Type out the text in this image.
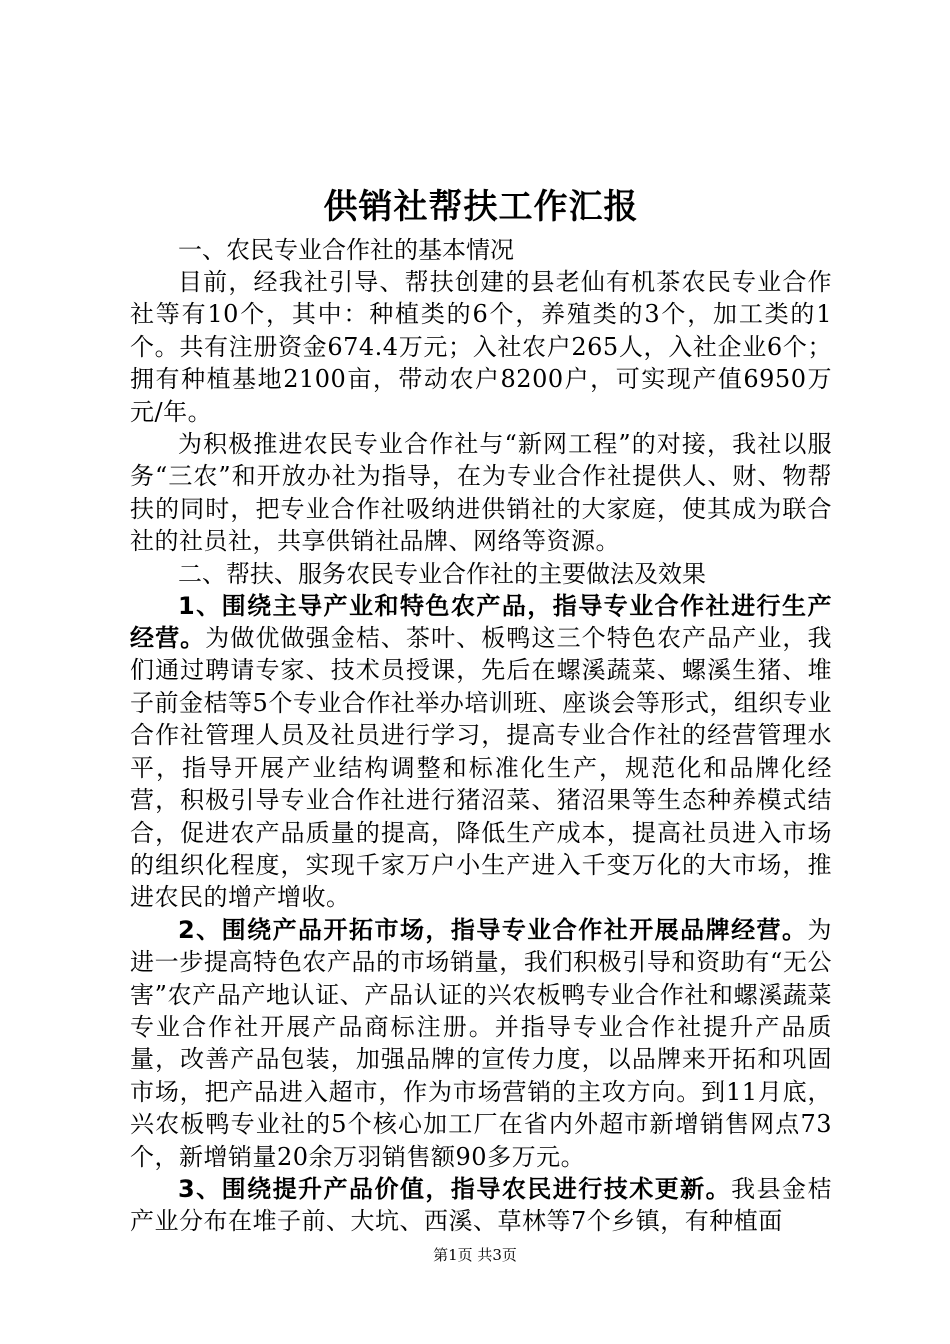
供销社帮扶工作汇报
一、农民专业合作社的基本情况

目前，经我社引导、帮扶创建的县老仙有机茶农民专业合作社等有10个，其中：种植类的6个，养殖类的3个，加工类的1个。共有注册资金674.4万元；入社农户265人，入社企业6个；拥有种植基地2100亩，带动农户8200户，可实现产值6950万元/年。

为积极推进农民专业合作社与“新网工程”的对接，我社以服务“三农”和开放办社为指导，在为专业合作社提供人、财、物帮扶的同时，把专业合作社吸纳进供销社的大家庭，使其成为联合社的社员社，共享供销社品牌、网络等资源。

二、帮扶、服务农民专业合作社的主要做法及效果

1、围绕主导产业和特色农产品，指导专业合作社进行生产经营。为做优做强金桔、茶叶、板鸭这三个特色农产品产业，我们通过聘请专家、技术员授课，先后在螺溪蔬菜、螺溪生猪、堆子前金桔等5个专业合作社举办培训班、座谈会等形式，组织专业合作社管理人员及社员进行学习，提高专业合作社的经营管理水平，指导开展产业结构调整和标准化生产，规范化和品牌化经营，积极引导专业合作社进行猪沼菜、猪沼果等生态种养模式结合，促进农产品质量的提高，降低生产成本，提高社员进入市场的组织化程度，实现千家万户小生产进入千变万化的大市场，推进农民的增产增收。

2、围绕产品开拓市场，指导专业合作社开展品牌经营。为进一步提高特色农产品的市场销量，我们积极引导和资助有“无公害”农产品产地认证、产品认证的兴农板鸭专业合作社和螺溪蔬菜专业合作社开展产品商标注册。并指导专业合作社提升产品质量，改善产品包装，加强品牌的宣传力度，以品牌来开拓和巩固市场，把产品进入超市，作为市场营销的主攻方向。到11月底，兴农板鸭专业社的5个核心加工厂在省内外超市新增销售网点73个，新增销量20余万羽销售额90多万元。

3、围绕提升产品价值，指导农民进行技术更新。我县金桔产业分布在堆子前、大坑、西溪、草林等7个乡镇，有种植面

第1页 共3页
